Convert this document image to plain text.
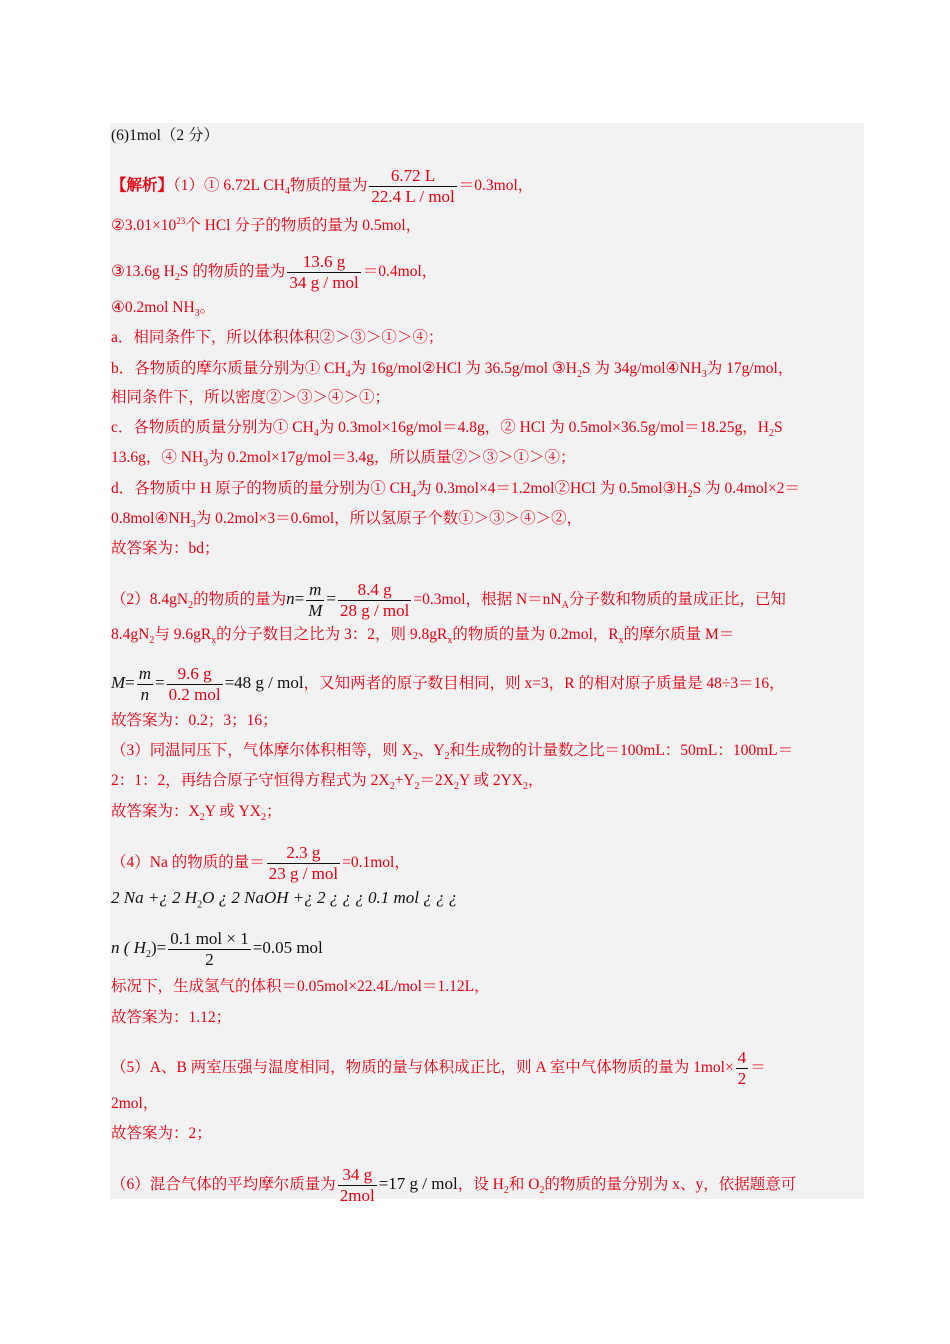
(6)1mol（2 分）
【解析】（1）① 6.72L $CH_4$物质的量为 $\frac{6.72 L}{\text{22.4 L / mol}} =0.3mol$，
$②3.01\times 10^{23}$个 HCl 分子的物质的量为 0.5mol，
③13.6g $H_2S$ 的物质的量为 $\frac{13.6 g}{\text{34 g / mol}} =0.4mol$，
④0.2mol $NH_3$。
a．相同条件下，所以体积体积②＞③＞①＞④；
b．各物质的摩尔质量分别为① $CH_4$为 16g/mol②HCl 为 36.5g/mol $③H_2S$ 为 $34g/mol④NH_3$为 17g/mol，
相同条件下，所以密度②＞③＞④＞①；
c．各物质的质量分别为① $CH_4$为 0.3mol×16g/mol＝4.8g，② HCl 为 0.5mol×36.5g/mol＝18.25g，$H_2S$
13.6g，④ $NH_3$为 0.2mol×17g/mol＝3.4g，所以质量②＞③＞①＞④；
d．各物质中 H 原子的物质的量分别为① $CH_4$为 0.3mol×4＝1.2mol②HCl 为 $0.5mol③H_2S$ 为 0.4mol×2＝
$0.8mol④NH_3$为 0.2mol×3＝0.6mol，所以氢原子个数①＞③＞④＞②，
故答案为：bd；
$(2)8.4gN_2$的物质的量为$n= \frac{m}{M} = \frac{8.4 g}{\text{28 g / mol}} =0.3mol$，根据 $N=nN_A$分子数和物质的量成正比，已知
$8.4gN_2$与 $9.6gR_x$的分子数目之比为 3：2，则 $9.8gR_x$的物质的量为 0.2mol，$R_x$的摩尔质量 M＝
$M= \frac{m}{n} = \frac{9.6 g}{\text{0.2 mol}} =48$ g / mol，又知两者的原子数目相同，则 x=3，R 的相对原子质量是 48÷3＝16，
故答案为：0.2；3；16；
（3）同温同压下，气体摩尔体积相等，则 $X_2$、$Y_2$和生成物的计量数之比＝100mL：50mL：100mL＝
2：1：2，再结合原子守恒得方程式为 $2X_2+Y_2=2X_2Y$ 或 $2YX_2$，
故答案为：$X_2Y$ 或 $YX_2$；
（4）Na 的物质的量＝ $\frac{2.3 g}{\text{23 g / mol}} =0.1mol$，
2 Na +¿ 2 $H_2O$ ¿ 2 NaOH +¿ 2 ¿ ¿ ¿ 0.1 mol ¿ ¿ ¿
n ( $H_2)= \frac{\text{0.1 mol × 1}}{2} =0.05$ mol
标况下，生成氢气的体积＝0.05mol×22.4L/mol＝1.12L，
故答案为：1.12；
（5）A、B 两室压强与温度相同，物质的量与体积成正比，则 A 室中气体物质的量为 $1mol\times \frac{4}{2}$ ＝
2mol，
故答案为：2；
（6）混合气体的平均摩尔质量为 $\frac{34 g}{\text{2mol}} =17$ g / mol，设 $H_2$和 $O_2$的物质的量分别为 x、y，依据题意可
